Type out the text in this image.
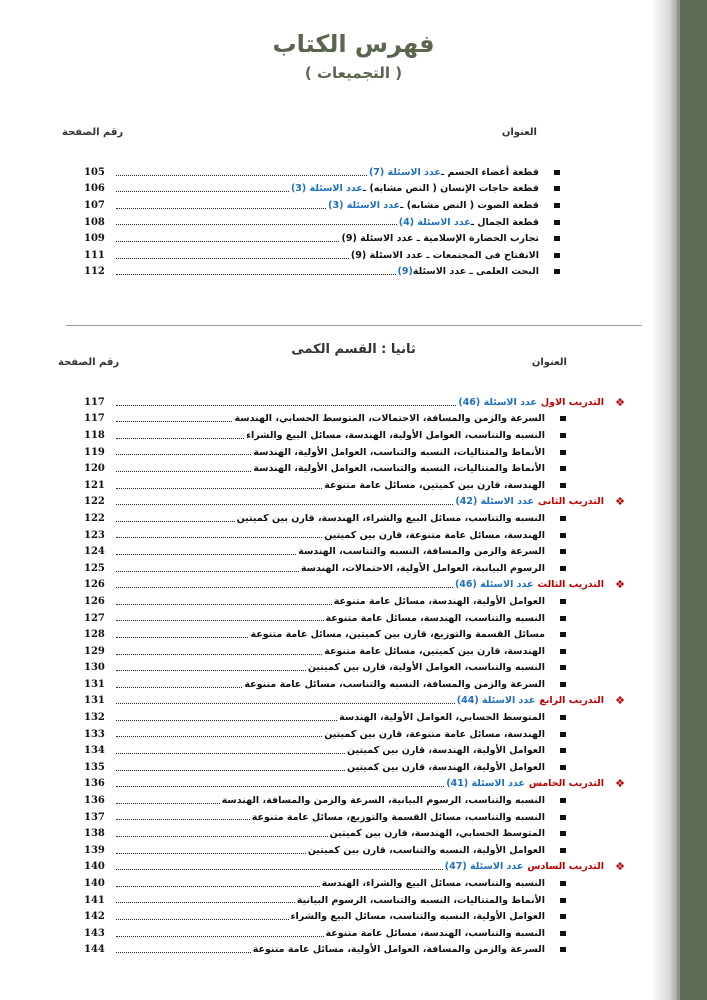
فهرس الكتاب
( التجميعات )
العنوان
رقم الصفحة
قطعة أعضاء الجسم ـ
عدد الاسئلة (7)
105
قطعة حاجات الإنسان ( النص مشابه) ـ
عدد الاسئلة (3)
106
قطعة الصوت ( النص مشابه) ـ
عدد الاسئلة (3)
107
قطعة الجمال ـ
عدد الاسئلة (4)
108
تجارب الحضارة الإسلامية ـ عدد الاسئلة (9)
109
الانفتاح فى المجتمعات ـ عدد الاسئلة (9)
111
البحث العلمى ـ عدد الاسئلة
(9)
112
ثانيا : القسم الكمى
العنوان
رقم الصفحة
❖
التدريب الاول
عدد الاسئلة (46)
117
السرعة والزمن والمسافة، الاحتمالات، المتوسط الحسابي، الهندسة
117
النسبه والتناسب، العوامل الأولية، الهندسة، مسائل البيع والشراء
118
الأنماط والمتتاليات، النسبه والتناسب، العوامل الأولية، الهندسة
119
الأنماط والمتتاليات، النسبه والتناسب، العوامل الأولية، الهندسة
120
الهندسة، قارن بين كميتين، مسائل عامة متنوعة
121
❖
التدريب الثانى
عدد الاسئلة (42)
122
النسبه والتناسب، مسائل البيع والشراء، الهندسة، قارن بين كميتين
122
الهندسة، مسائل عامة متنوعة، قارن بين كميتين
123
السرعة والزمن والمسافة، النسبه والتناسب، الهندسة
124
الرسوم البيانية، العوامل الأولية، الاحتمالات، الهندسة
125
❖
التدريب الثالث
عدد الاسئلة (46)
126
العوامل الأولية، الهندسة، مسائل عامة متنوعة
126
النسبه والتناسب، الهندسة، مسائل عامة متنوعة
127
مسائل القسمة والتوزيع، قارن بين كميتين، مسائل عامة متنوعة
128
الهندسة، قارن بين كميتين، مسائل عامة متنوعة
129
النسبه والتناسب، العوامل الأولية، قارن بين كميتين
130
السرعة والزمن والمسافة، النسبه والتناسب، مسائل عامة متنوعة
131
❖
التدريب الرابع
عدد الاسئلة (44)
131
المتوسط الحسابي، العوامل الأولية، الهندسة
132
الهندسة، مسائل عامة متنوعة، قارن بين كميتين
133
العوامل الأولية، الهندسة، قارن بين كميتين
134
العوامل الأولية، الهندسة، قارن بين كميتين
135
❖
التدريب الخامس
عدد الاسئلة (41)
136
النسبه والتناسب، الرسوم البيانية، السرعة والزمن والمسافة، الهندسة
136
النسبه والتناسب، مسائل القسمة والتوزيع، مسائل عامة متنوعة
137
المتوسط الحسابي، الهندسة، قارن بين كميتين
138
العوامل الأولية، النسبه والتناسب، قارن بين كميتين
139
❖
التدريب السادس
عدد الاسئلة (47)
140
النسبه والتناسب، مسائل البيع والشراء، الهندسة
140
الأنماط والمتتاليات، النسبه والتناسب، الرسوم البيانية
141
العوامل الأولية، النسبه والتناسب، مسائل البيع والشراء
142
النسبه والتناسب، الهندسة، مسائل عامة متنوعة
143
السرعة والزمن والمسافة، العوامل الأولية، مسائل عامة متنوعة
144
